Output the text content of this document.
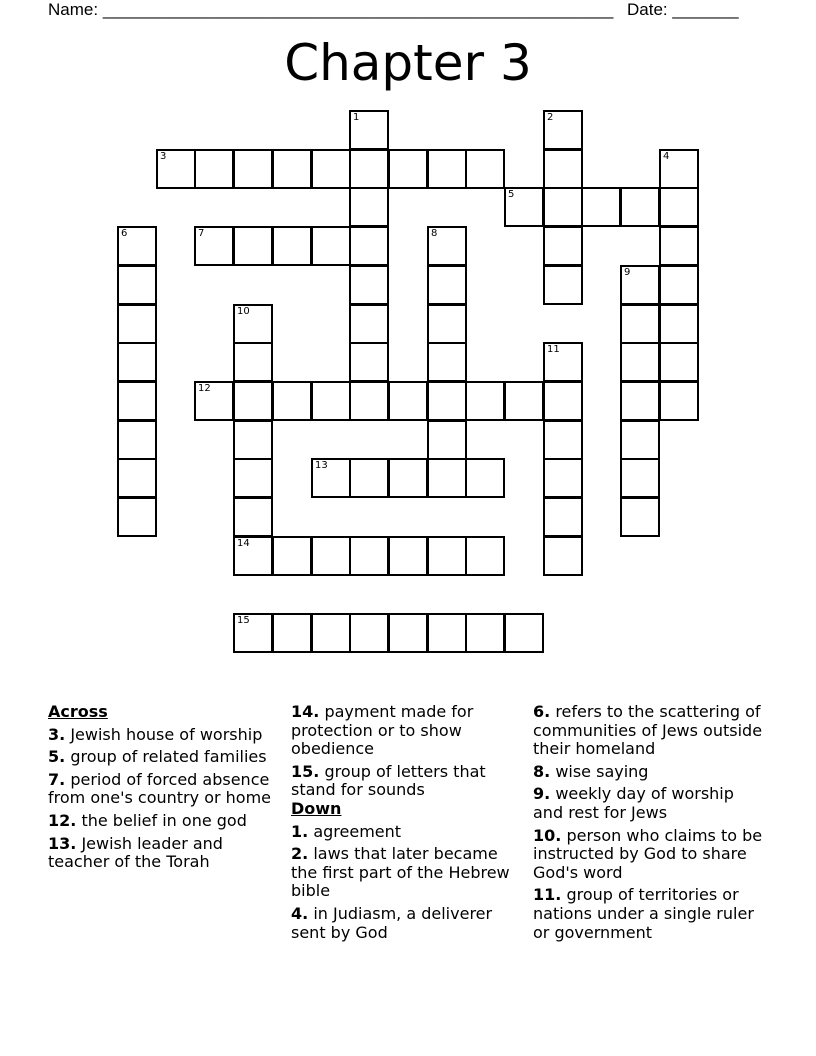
Name: ______________________________________________________ Date: _______
Chapter 3
1	2
3	4
5
6	7	8
9
10
11
12
13
14
15
Across
3. Jewish house of worship
5. group of related families
7. period of forced absence from one's country or home
12. the belief in one god
13. Jewish leader and teacher of the Torah
14. payment made for protection or to show obedience
15. group of letters that stand for sounds
Down
1. agreement
2. laws that later became the first part of the Hebrew bible
4. in Judiasm, a deliverer sent by God
6. refers to the scattering of communities of Jews outside their homeland
8. wise saying
9. weekly day of worship and rest for Jews
10. person who claims to be instructed by God to share God's word
11. group of territories or nations under a single ruler or government
